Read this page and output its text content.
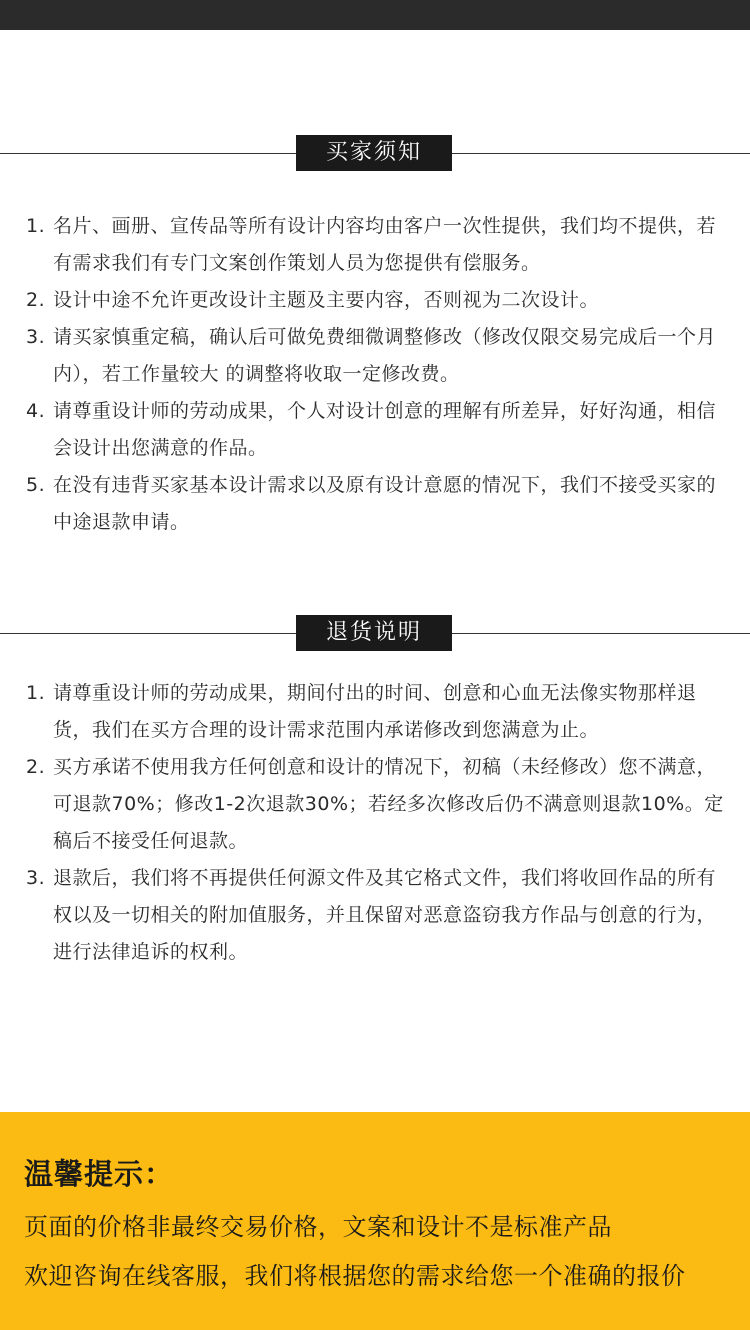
买家须知
1. 名片、画册、宣传品等所有设计内容均由客户一次性提供，我们均不提供，若有需求我们有专门文案创作策划人员为您提供有偿服务。
2. 设计中途不允许更改设计主题及主要内容，否则视为二次设计。
3. 请买家慎重定稿，确认后可做免费细微调整修改（修改仅限交易完成后一个月内），若工作量较大 的调整将收取一定修改费。
4. 请尊重设计师的劳动成果，个人对设计创意的理解有所差异，好好沟通，相信会设计出您满意的作品。
5. 在没有违背买家基本设计需求以及原有设计意愿的情况下，我们不接受买家的中途退款申请。
退货说明
1. 请尊重设计师的劳动成果，期间付出的时间、创意和心血无法像实物那样退货，我们在买方合理的设计需求范围内承诺修改到您满意为止。
2. 买方承诺不使用我方任何创意和设计的情况下，初稿（未经修改）您不满意，可退款70%；修改1-2次退款30%；若经多次修改后仍不满意则退款10%。定稿后不接受任何退款。
3. 退款后，我们将不再提供任何源文件及其它格式文件，我们将收回作品的所有权以及一切相关的附加值服务，并且保留对恶意盗窃我方作品与创意的行为，进行法律追诉的权利。
温馨提示：
页面的价格非最终交易价格，文案和设计不是标准产品
欢迎咨询在线客服，我们将根据您的需求给您一个准确的报价
